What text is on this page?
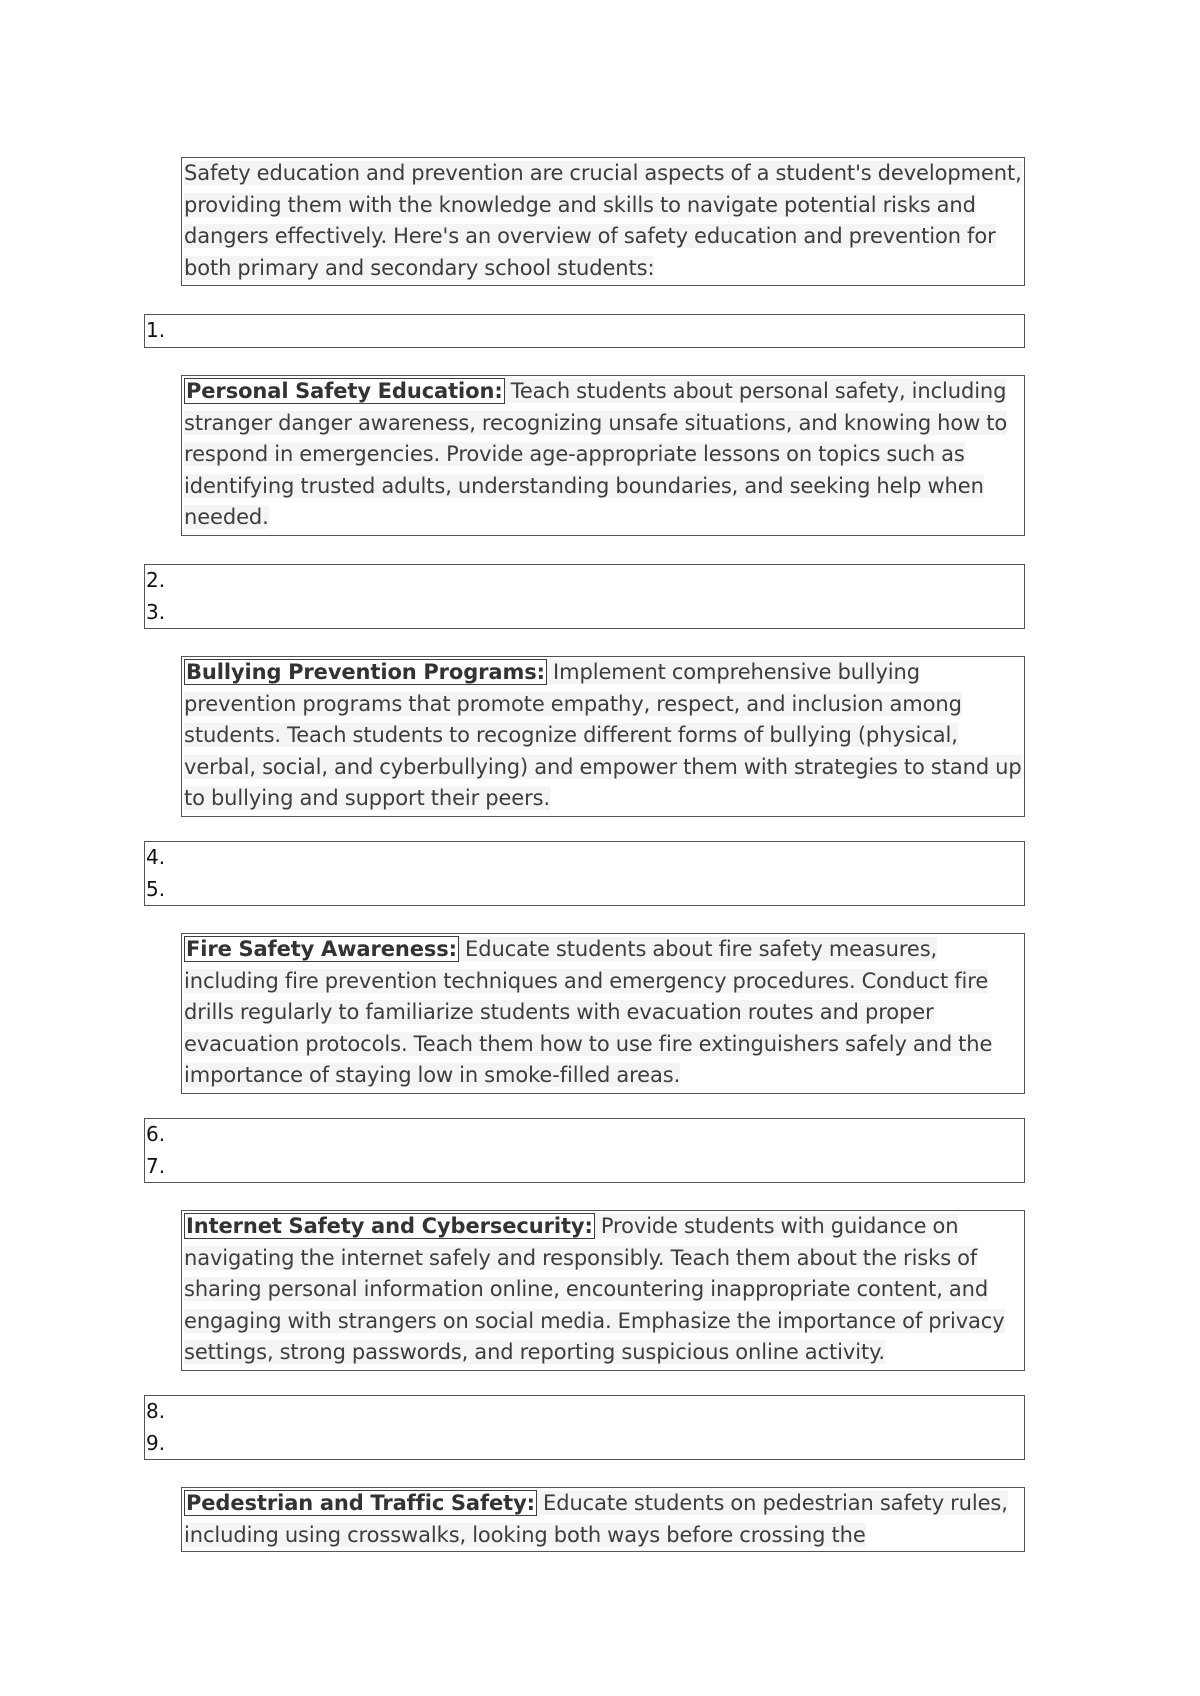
Safety education and prevention are crucial aspects of a student's development, providing them with the knowledge and skills to navigate potential risks and dangers effectively. Here's an overview of safety education and prevention for both primary and secondary school students:
1.
Personal Safety Education: Teach students about personal safety, including stranger danger awareness, recognizing unsafe situations, and knowing how to respond in emergencies. Provide age-appropriate lessons on topics such as identifying trusted adults, understanding boundaries, and seeking help when needed.
2.
3.
Bullying Prevention Programs: Implement comprehensive bullying prevention programs that promote empathy, respect, and inclusion among students. Teach students to recognize different forms of bullying (physical, verbal, social, and cyberbullying) and empower them with strategies to stand up to bullying and support their peers.
4.
5.
Fire Safety Awareness: Educate students about fire safety measures, including fire prevention techniques and emergency procedures. Conduct fire drills regularly to familiarize students with evacuation routes and proper evacuation protocols. Teach them how to use fire extinguishers safely and the importance of staying low in smoke-filled areas.
6.
7.
Internet Safety and Cybersecurity: Provide students with guidance on navigating the internet safely and responsibly. Teach them about the risks of sharing personal information online, encountering inappropriate content, and engaging with strangers on social media. Emphasize the importance of privacy settings, strong passwords, and reporting suspicious online activity.
8.
9.
Pedestrian and Traffic Safety: Educate students on pedestrian safety rules, including using crosswalks, looking both ways before crossing the
